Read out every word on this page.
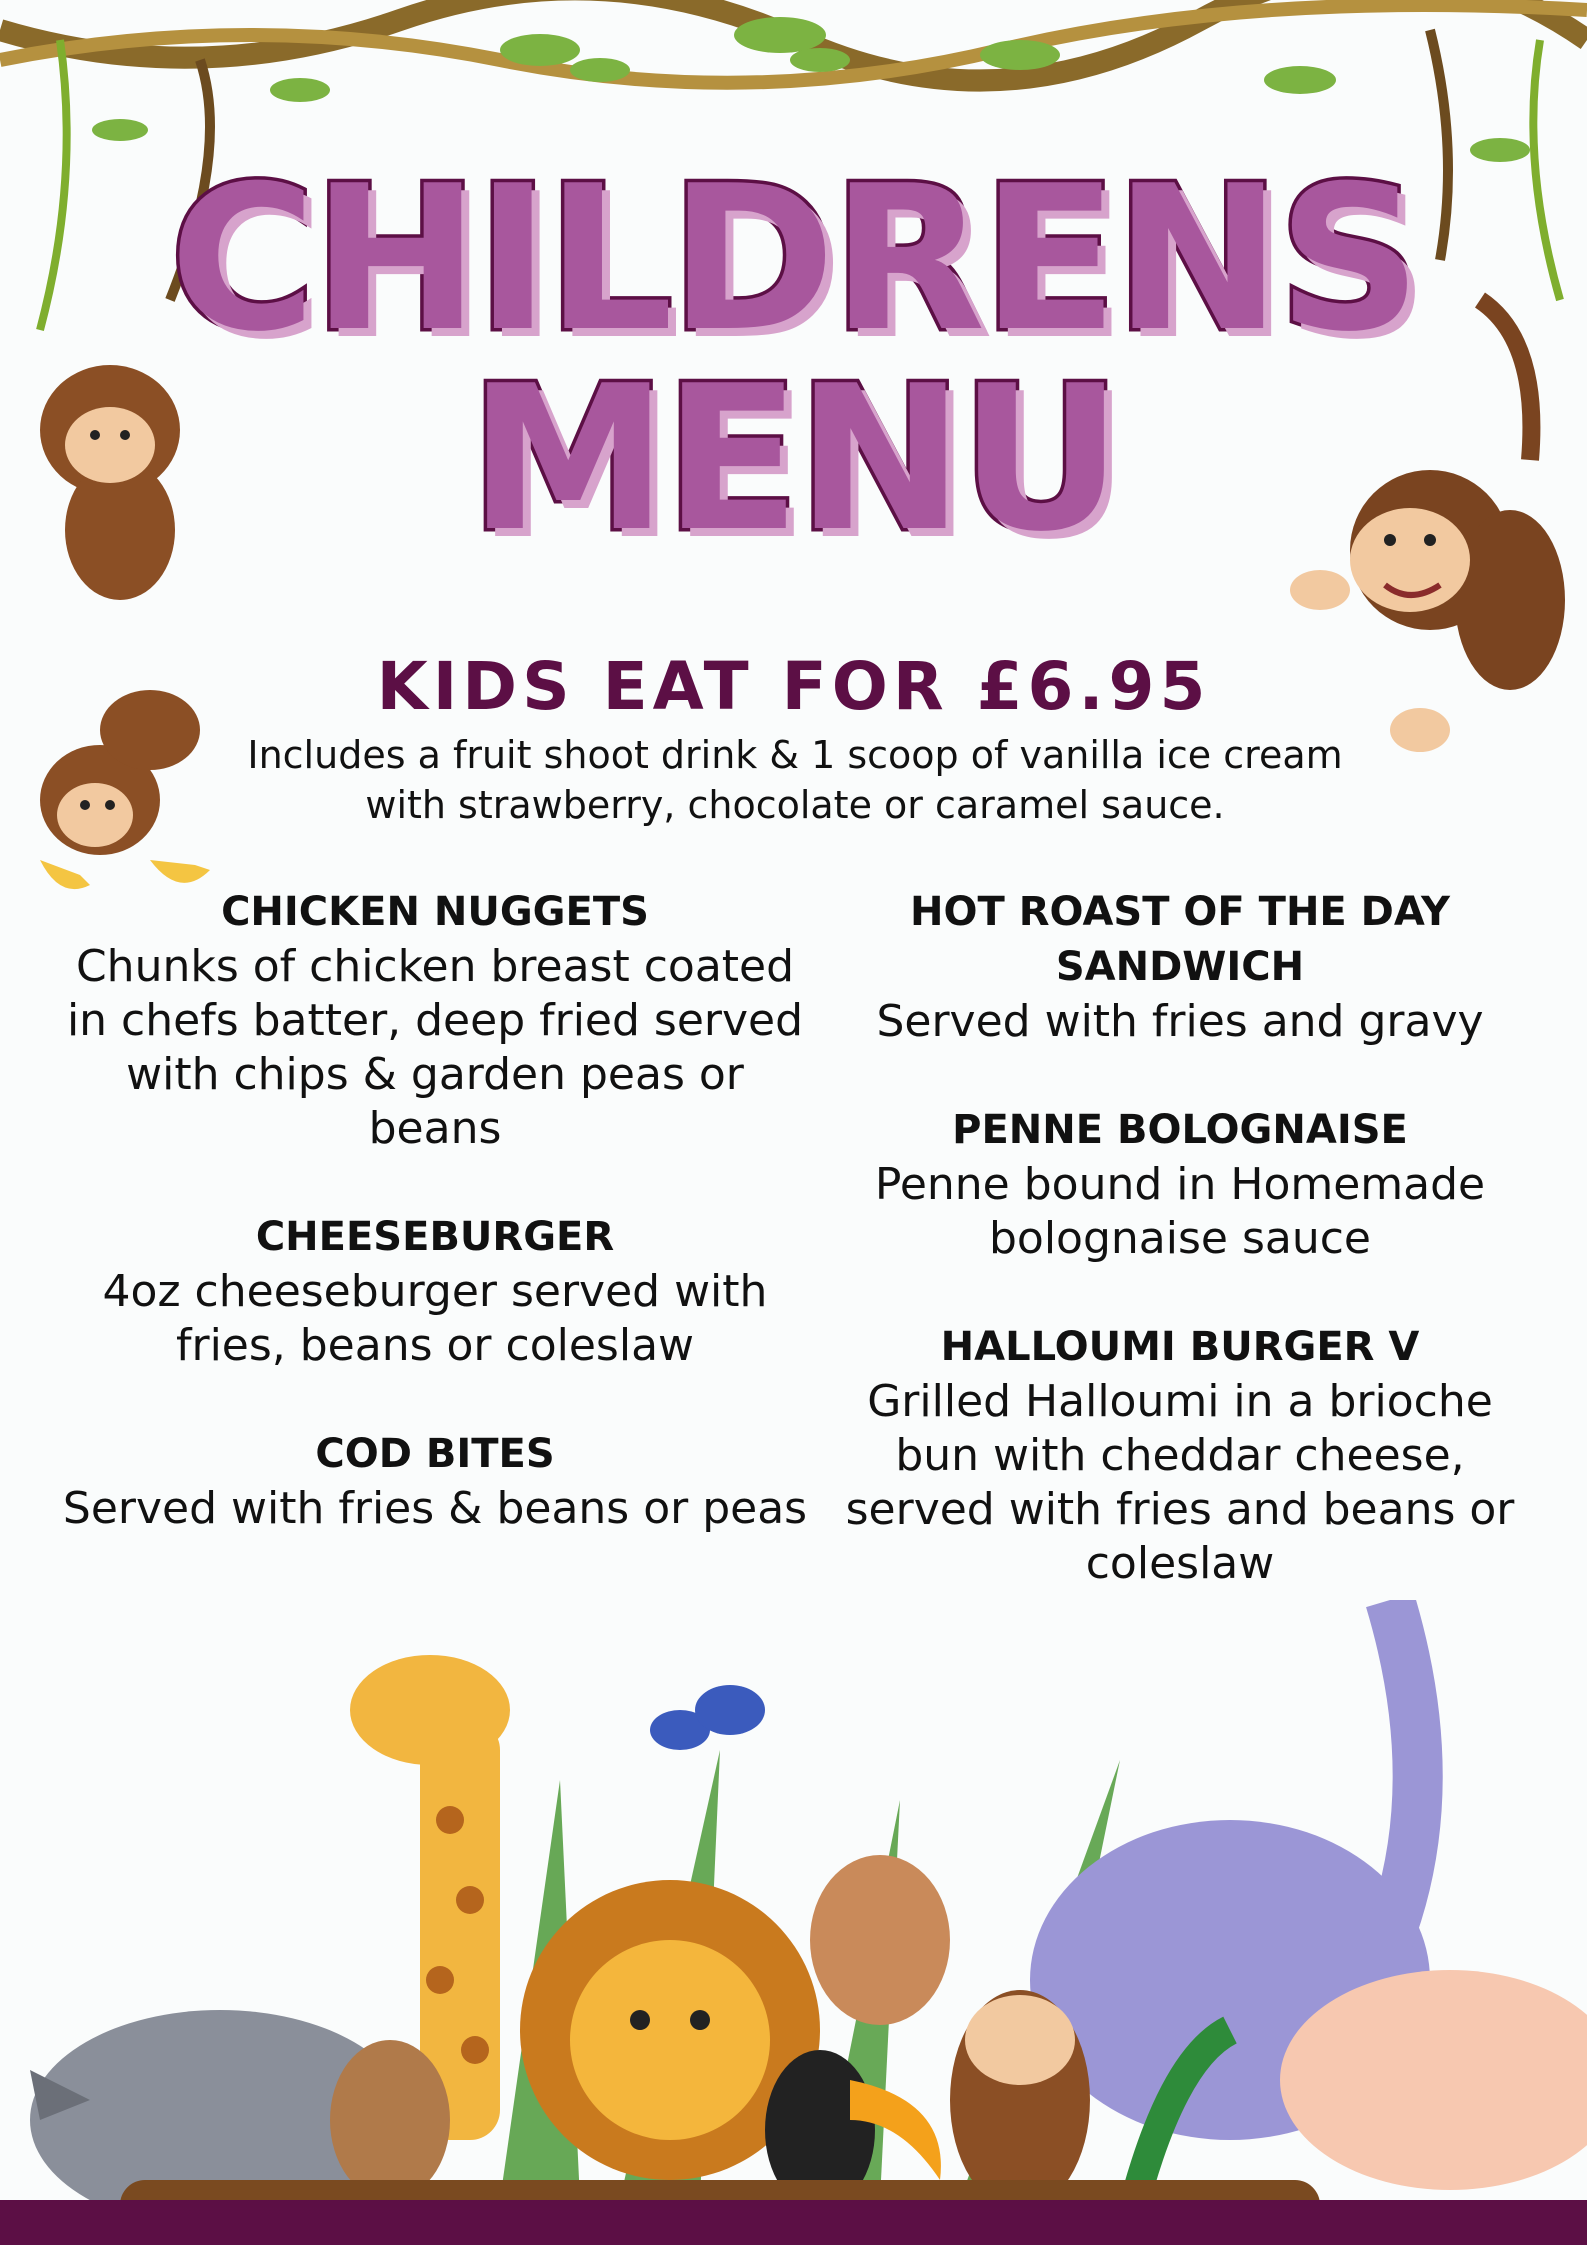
CHILDRENS
MENU
KIDS EAT FOR £6.95
Includes a fruit shoot drink & 1 scoop of vanilla ice cream with strawberry, chocolate or caramel sauce.
CHICKEN NUGGETS

Chunks of chicken breast coated in chefs batter, deep fried served with chips & garden peas or beans

CHEESEBURGER

4oz cheeseburger served with fries, beans or coleslaw

COD BITES

Served with fries & beans or peas

HOT ROAST OF THE DAY SANDWICH

Served with fries and gravy

PENNE BOLOGNAISE

Penne bound in Homemade bolognaise sauce

HALLOUMI BURGER V

Grilled Halloumi in a brioche bun with cheddar cheese, served with fries and beans or coleslaw
